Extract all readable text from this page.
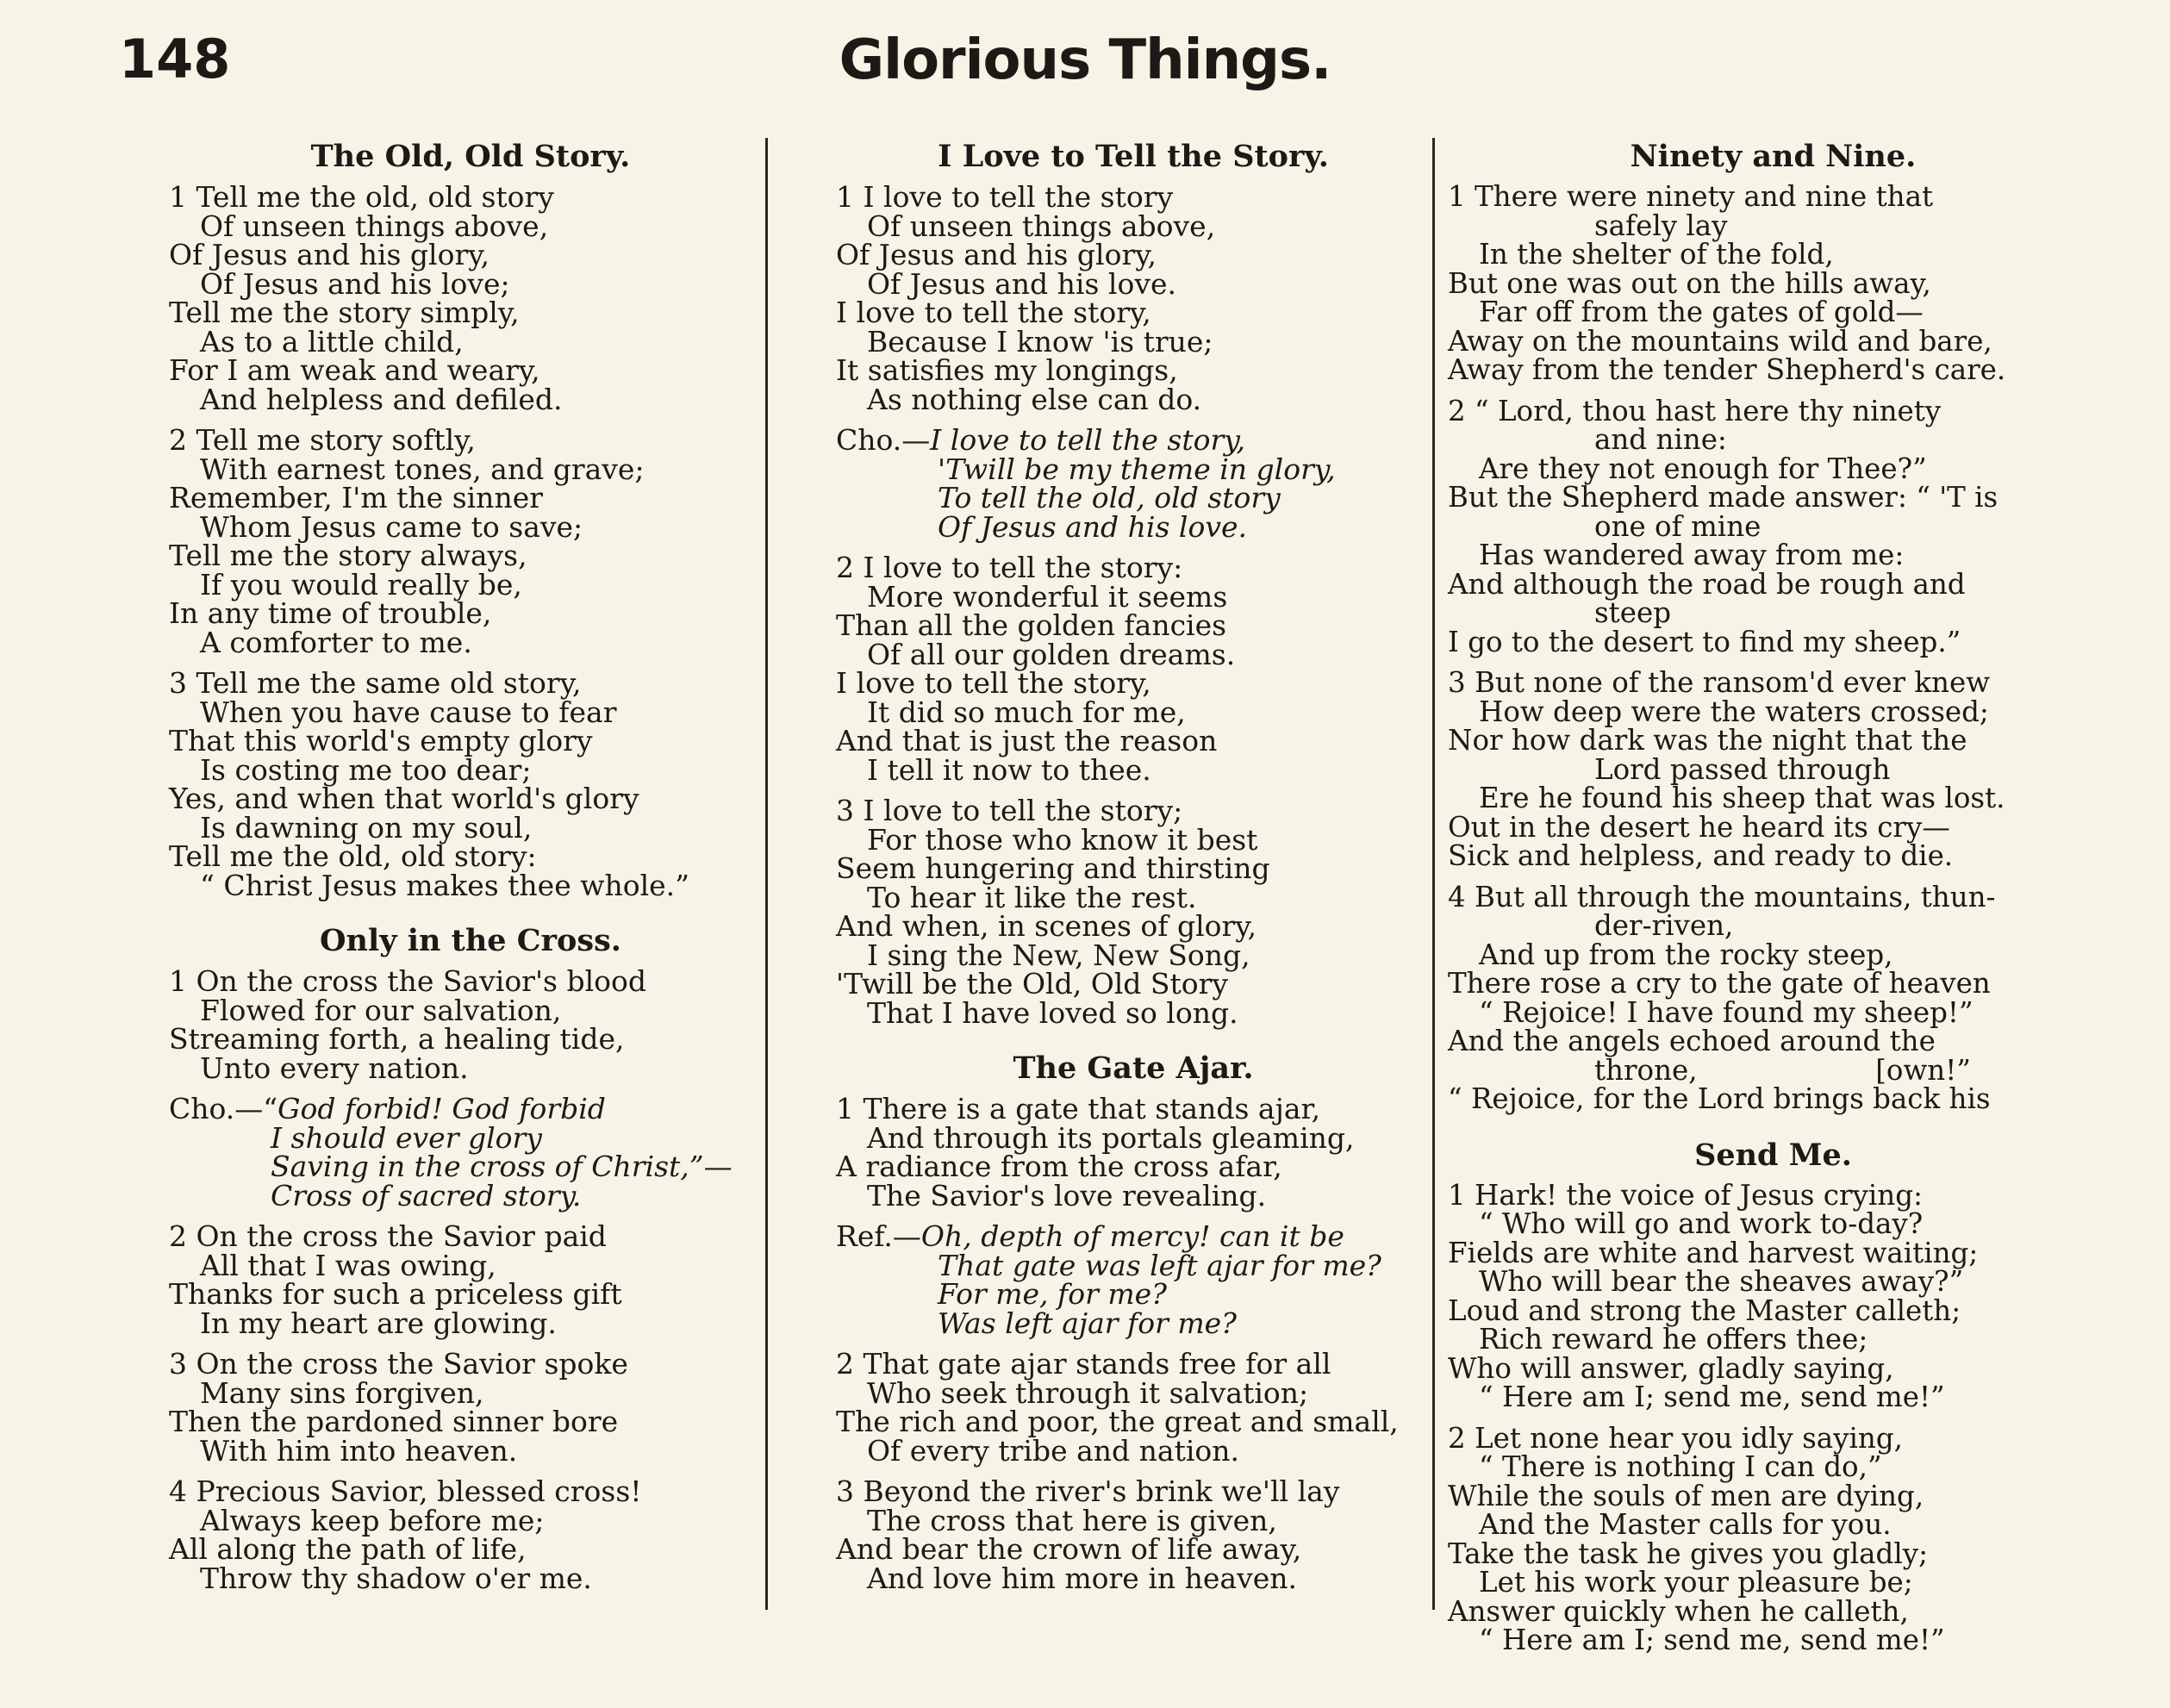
148	Glorious Things.
The Old, Old Story.

1 Tell me the old, old story

Of unseen things above,

Of Jesus and his glory,

Of Jesus and his love;

Tell me the story simply,

As to a little child,

For I am weak and weary,

And helpless and defiled.

2 Tell me story softly,

With earnest tones, and grave;

Remember, I'm the sinner

Whom Jesus came to save;

Tell me the story always,

If you would really be,

In any time of trouble,

A comforter to me.

3 Tell me the same old story,

When you have cause to fear

That this world's empty glory

Is costing me too dear;

Yes, and when that world's glory

Is dawning on my soul,

Tell me the old, old story:

“ Christ Jesus makes thee whole.”

Only in the Cross.

1 On the cross the Savior's blood

Flowed for our salvation,

Streaming forth, a healing tide,

Unto every nation.

Cho.—“God forbid! God forbid

I should ever glory

Saving in the cross of Christ,”—

Cross of sacred story.

2 On the cross the Savior paid

All that I was owing,

Thanks for such a priceless gift

In my heart are glowing.

3 On the cross the Savior spoke

Many sins forgiven,

Then the pardoned sinner bore

With him into heaven.

4 Precious Savior, blessed cross!

Always keep before me;

All along the path of life,

Throw thy shadow o'er me.

I Love to Tell the Story.

1 I love to tell the story

Of unseen things above,

Of Jesus and his glory,

Of Jesus and his love.

I love to tell the story,

Because I know 'is true;

It satisfies my longings,

As nothing else can do.

Cho.—I love to tell the story,

'Twill be my theme in glory,

To tell the old, old story

Of Jesus and his love.

2 I love to tell the story:

More wonderful it seems

Than all the golden fancies

Of all our golden dreams.

I love to tell the story,

It did so much for me,

And that is just the reason

I tell it now to thee.

3 I love to tell the story;

For those who know it best

Seem hungering and thirsting

To hear it like the rest.

And when, in scenes of glory,

I sing the New, New Song,

'Twill be the Old, Old Story

That I have loved so long.

The Gate Ajar.

1 There is a gate that stands ajar,

And through its portals gleaming,

A radiance from the cross afar,

The Savior's love revealing.

Ref.—Oh, depth of mercy! can it be

That gate was left ajar for me?

For me, for me?

Was left ajar for me?

2 That gate ajar stands free for all

Who seek through it salvation;

The rich and poor, the great and small,

Of every tribe and nation.

3 Beyond the river's brink we'll lay

The cross that here is given,

And bear the crown of life away,

And love him more in heaven.

Ninety and Nine.

1 There were ninety and nine that

safely lay

In the shelter of the fold,

But one was out on the hills away,

Far off from the gates of gold—

Away on the mountains wild and bare,

Away from the tender Shepherd's care.

2 “ Lord, thou hast here thy ninety

and nine:

Are they not enough for Thee?”

But the Shepherd made answer: “ 'T is

one of mine

Has wandered away from me:

And although the road be rough and

steep

I go to the desert to find my sheep.”

3 But none of the ransom'd ever knew

How deep were the waters crossed;

Nor how dark was the night that the

Lord passed through

Ere he found his sheep that was lost.

Out in the desert he heard its cry—

Sick and helpless, and ready to die.

4 But all through the mountains, thun-

der-riven,

And up from the rocky steep,

There rose a cry to the gate of heaven

“ Rejoice! I have found my sheep!”

And the angels echoed around the

throne,                    [own!”

“ Rejoice, for the Lord brings back his

Send Me.

1 Hark! the voice of Jesus crying:

“ Who will go and work to-day?

Fields are white and harvest waiting;

Who will bear the sheaves away?”

Loud and strong the Master calleth;

Rich reward he offers thee;

Who will answer, gladly saying,

“ Here am I; send me, send me!”

2 Let none hear you idly saying,

“ There is nothing I can do,”

While the souls of men are dying,

And the Master calls for you.

Take the task he gives you gladly;

Let his work your pleasure be;

Answer quickly when he calleth,

“ Here am I; send me, send me!”
